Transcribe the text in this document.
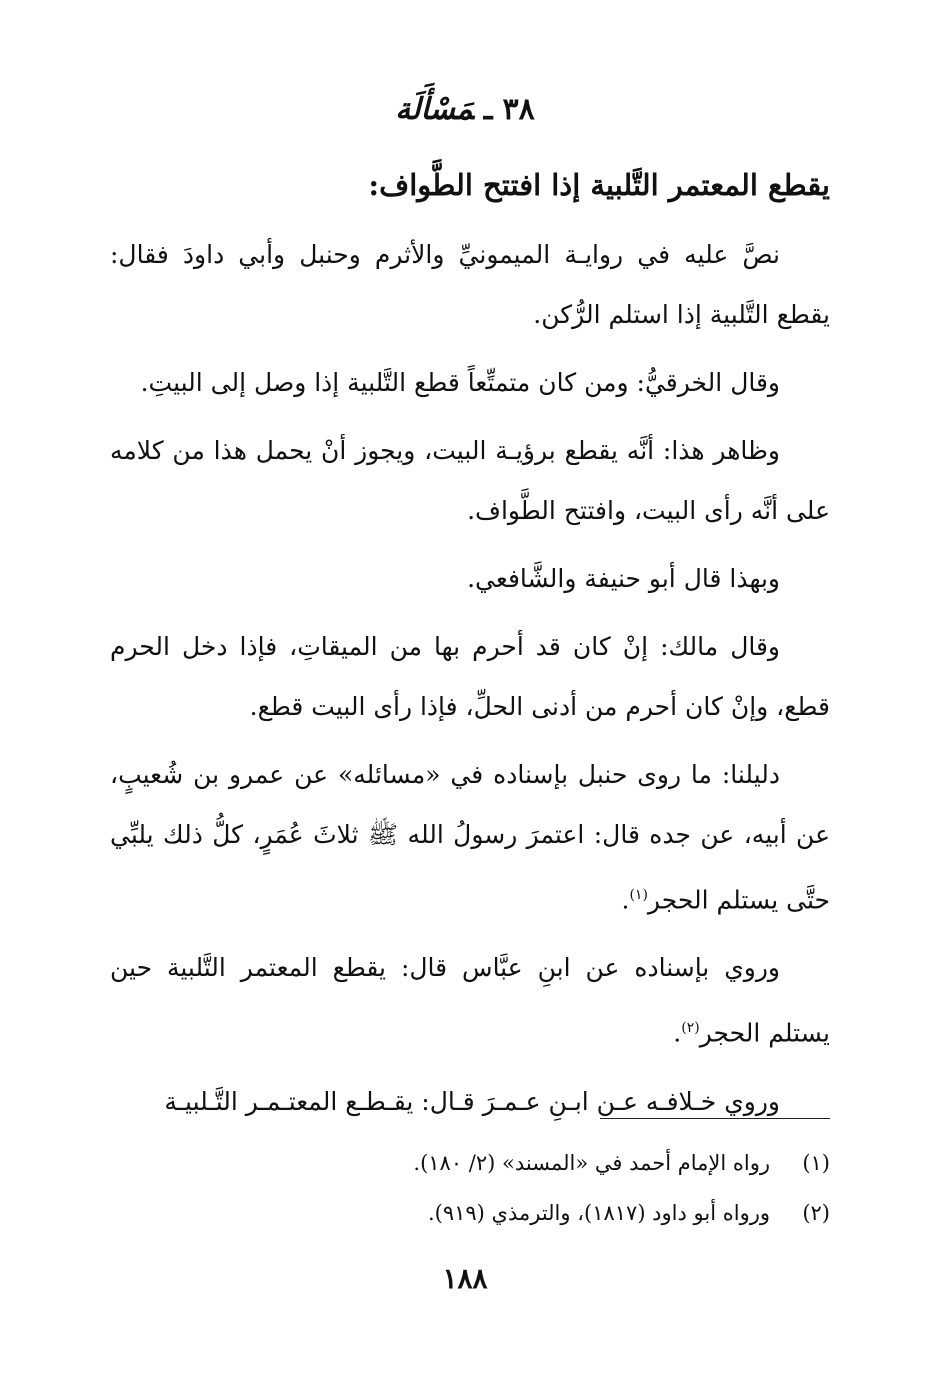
٣٨ـمَسْأَلَة
يقطع المعتمر التَّلبية إذا افتتح الطَّواف:

نصَّ عليه في روايـة الميمونيِّ والأثرم وحنبل وأبي داودَ فقال: يقطع التَّلبية إذا استلم الرُّكن.

وقال الخرقيُّ: ومن كان متمتِّعاً قطع التَّلبية إذا وصل إلى البيتِ.

وظاهر هذا: أنَّه يقطع برؤيـة البيت، ويجوز أنْ يحمل هذا من كلامه على أنَّه رأى البيت، وافتتح الطَّواف.

وبهذا قال أبو حنيفة والشَّافعي.

وقال مالك: إنْ كان قد أحرم بها من الميقاتِ، فإذا دخل الحرم قطع، وإنْ كان أحرم من أدنى الحلِّ، فإذا رأى البيت قطع.

دليلنا: ما روى حنبل بإسناده في «مسائله» عن عمرو بن شُعيبٍ، عن أبيه، عن جده قال: اعتمرَ رسولُ الله ﷺ ثلاثَ عُمَرٍ، كلُّ ذلك يلبِّي حتَّى يستلم الحجر$^{(١)}$.

وروي بإسناده عن ابنِ عبَّاس قال: يقطع المعتمر التَّلبية حين يستلم الحجر$^{(٢)}$.

وروي خـلافـه عـن ابـنِ عـمـرَ قـال: يقـطـع المعتـمـر التَّـلبيـة

(١)
رواه الإمام أحمد في «المسند» (٢/ ١٨٠).
(٢)
ورواه أبو داود (١٨١٧)، والترمذي (٩١٩).
١٨٨
